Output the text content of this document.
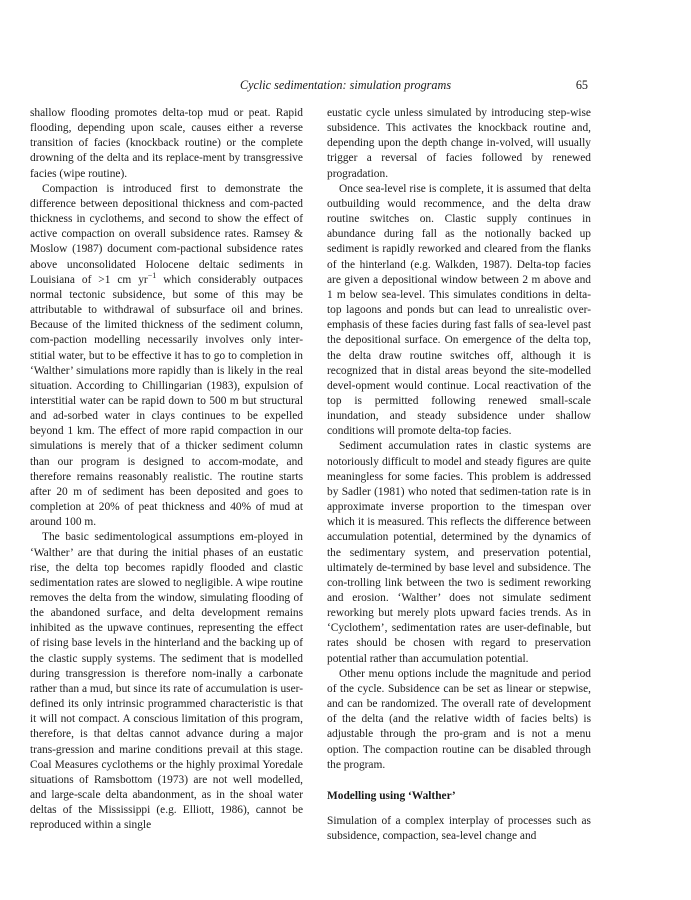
Cyclic sedimentation: simulation programs	65

shallow flooding promotes delta-top mud or peat. Rapid flooding, depending upon scale, causes either a reverse transition of facies (knockback routine) or the complete drowning of the delta and its replace-ment by transgressive facies (wipe routine).

Compaction is introduced first to demonstrate the difference between depositional thickness and com-pacted thickness in cyclothems, and second to show the effect of active compaction on overall subsidence rates. Ramsey & Moslow (1987) document com-pactional subsidence rates above unconsolidated Holocene deltaic sediments in Louisiana of >1 cm $yr^{-1}$ which considerably outpaces normal tectonic subsidence, but some of this may be attributable to withdrawal of subsurface oil and brines. Because of the limited thickness of the sediment column, com-paction modelling necessarily involves only inter-stitial water, but to be effective it has to go to completion in ‘Walther’ simulations more rapidly than is likely in the real situation. According to Chillingarian (1983), expulsion of interstitial water can be rapid down to 500 m but structural and ad-sorbed water in clays continues to be expelled beyond 1 km. The effect of more rapid compaction in our simulations is merely that of a thicker sediment column than our program is designed to accom-modate, and therefore remains reasonably realistic. The routine starts after 20 m of sediment has been deposited and goes to completion at 20% of peat thickness and 40% of mud at around 100 m.

The basic sedimentological assumptions em-ployed in ‘Walther’ are that during the initial phases of an eustatic rise, the delta top becomes rapidly flooded and clastic sedimentation rates are slowed to negligible. A wipe routine removes the delta from the window, simulating flooding of the abandoned surface, and delta development remains inhibited as the upwave continues, representing the effect of rising base levels in the hinterland and the backing up of the clastic supply systems. The sediment that is modelled during transgression is therefore nom-inally a carbonate rather than a mud, but since its rate of accumulation is user-defined its only intrinsic programmed characteristic is that it will not compact. A conscious limitation of this program, therefore, is that deltas cannot advance during a major trans-gression and marine conditions prevail at this stage. Coal Measures cyclothems or the highly proximal Yoredale situations of Ramsbottom (1973) are not well modelled, and large-scale delta abandonment, as in the shoal water deltas of the Mississippi (e.g. Elliott, 1986), cannot be reproduced within a single

eustatic cycle unless simulated by introducing step-wise subsidence. This activates the knockback routine and, depending upon the depth change in-volved, will usually trigger a reversal of facies followed by renewed progradation.

Once sea-level rise is complete, it is assumed that delta outbuilding would recommence, and the delta draw routine switches on. Clastic supply continues in abundance during fall as the notionally backed up sediment is rapidly reworked and cleared from the flanks of the hinterland (e.g. Walkden, 1987). Delta-top facies are given a depositional window between 2 m above and 1 m below sea-level. This simulates conditions in delta-top lagoons and ponds but can lead to unrealistic over-emphasis of these facies during fast falls of sea-level past the depositional surface. On emergence of the delta top, the delta draw routine switches off, although it is recognized that in distal areas beyond the site-modelled devel-opment would continue. Local reactivation of the top is permitted following renewed small-scale inundation, and steady subsidence under shallow conditions will promote delta-top facies.

Sediment accumulation rates in clastic systems are notoriously difficult to model and steady figures are quite meaningless for some facies. This problem is addressed by Sadler (1981) who noted that sedimen-tation rate is in approximate inverse proportion to the timespan over which it is measured. This reflects the difference between accumulation potential, determined by the dynamics of the sedimentary system, and preservation potential, ultimately de-termined by base level and subsidence. The con-trolling link between the two is sediment reworking and erosion. ‘Walther’ does not simulate sediment reworking but merely plots upward facies trends. As in ‘Cyclothem’, sedimentation rates are user-definable, but rates should be chosen with regard to preservation potential rather than accumulation potential.

Other menu options include the magnitude and period of the cycle. Subsidence can be set as linear or stepwise, and can be randomized. The overall rate of development of the delta (and the relative width of facies belts) is adjustable through the pro-gram and is not a menu option. The compaction routine can be disabled through the program.

Modelling using ‘Walther’

Simulation of a complex interplay of processes such as subsidence, compaction, sea-level change and
